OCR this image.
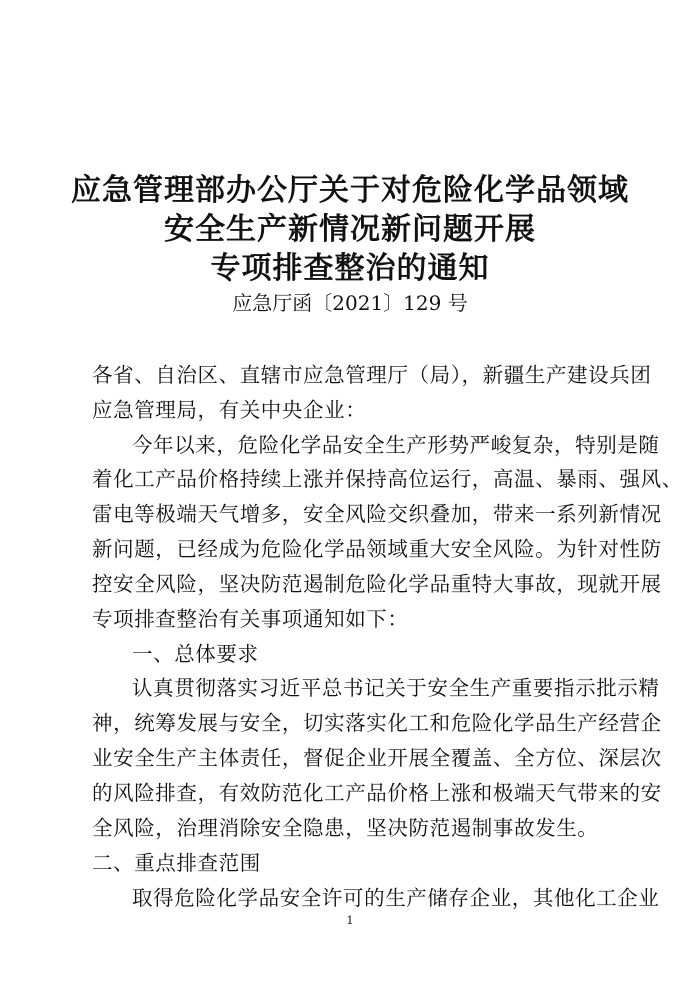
应急管理部办公厅关于对危险化学品领域
安全生产新情况新问题开展
专项排查整治的通知
应急厅函〔2021〕129 号
各省、自治区、直辖市应急管理厅（局），新疆生产建设兵团
应急管理局，有关中央企业：
今年以来，危险化学品安全生产形势严峻复杂，特别是随
着化工产品价格持续上涨并保持高位运行，高温、暴雨、强风、
雷电等极端天气增多，安全风险交织叠加，带来一系列新情况
新问题，已经成为危险化学品领域重大安全风险。为针对性防
控安全风险，坚决防范遏制危险化学品重特大事故，现就开展
专项排查整治有关事项通知如下：
一、总体要求
认真贯彻落实习近平总书记关于安全生产重要指示批示精
神，统筹发展与安全，切实落实化工和危险化学品生产经营企
业安全生产主体责任，督促企业开展全覆盖、全方位、深层次
的风险排查，有效防范化工产品价格上涨和极端天气带来的安
全风险，治理消除安全隐患，坚决防范遏制事故发生。
二、重点排查范围
取得危险化学品安全许可的生产储存企业，其他化工企业
1
